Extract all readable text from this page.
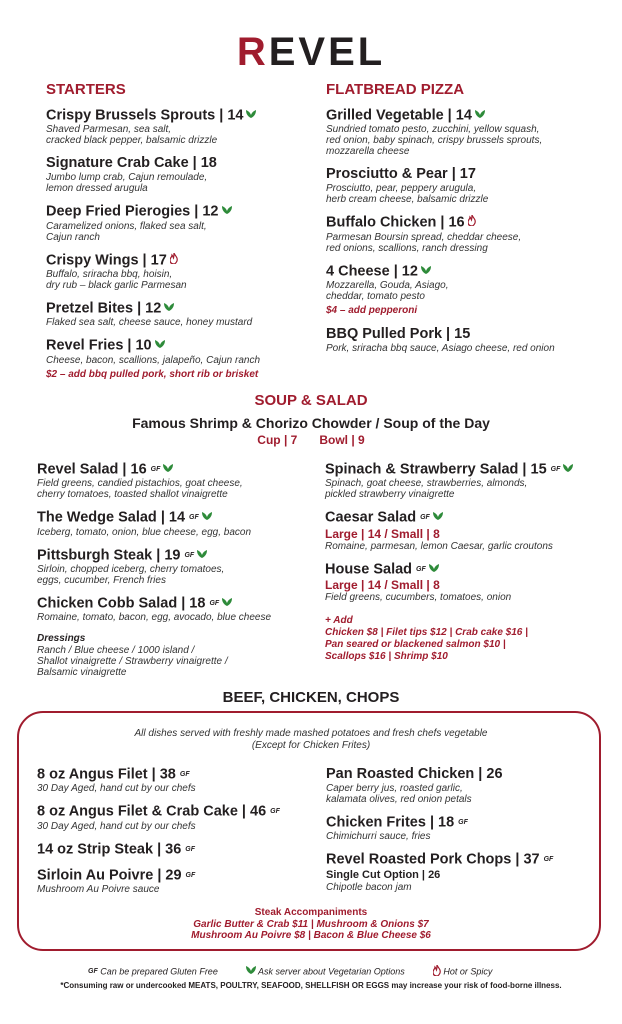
REVEL
STARTERS
Crispy Brussels Sprouts | 14
Shaved Parmesan, sea salt,
cracked black pepper, balsamic drizzle
Signature Crab Cake | 18
Jumbo lump crab, Cajun remoulade,
lemon dressed arugula
Deep Fried Pierogies | 12
Caramelized onions, flaked sea salt,
Cajun ranch
Crispy Wings | 17
Buffalo, sriracha bbq, hoisin,
dry rub – black garlic Parmesan
Pretzel Bites | 12
Flaked sea salt, cheese sauce, honey mustard
Revel Fries | 10
Cheese, bacon, scallions, jalapeño, Cajun ranch
$2 – add bbq pulled pork, short rib or brisket
FLATBREAD PIZZA
Grilled Vegetable | 14
Sundried tomato pesto, zucchini, yellow squash,
red onion, baby spinach, crispy brussels sprouts,
mozzarella cheese
Prosciutto & Pear | 17
Prosciutto, pear, peppery arugula,
herb cream cheese, balsamic drizzle
Buffalo Chicken | 16
Parmesan Boursin spread, cheddar cheese,
red onions, scallions, ranch dressing
4 Cheese | 12
Mozzarella, Gouda, Asiago,
cheddar, tomato pesto
$4 – add pepperoni
BBQ Pulled Pork | 15
Pork, sriracha bbq sauce, Asiago cheese, red onion
SOUP & SALAD
Famous Shrimp & Chorizo Chowder / Soup of the Day
Cup | 7 Bowl | 9
Revel Salad | 16 GF
Field greens, candied pistachios, goat cheese,
cherry tomatoes, toasted shallot vinaigrette
The Wedge Salad | 14 GF
Iceberg, tomato, onion, blue cheese, egg, bacon
Pittsburgh Steak | 19 GF
Sirloin, chopped iceberg, cherry tomatoes,
eggs, cucumber, French fries
Chicken Cobb Salad | 18 GF
Romaine, tomato, bacon, egg, avocado, blue cheese
Dressings
Ranch / Blue cheese / 1000 island /
Shallot vinaigrette / Strawberry vinaigrette /
Balsamic vinaigrette
Spinach & Strawberry Salad | 15 GF
Spinach, goat cheese, strawberries, almonds,
pickled strawberry vinaigrette
Caesar Salad GF
Large | 14 / Small | 8
Romaine, parmesan, lemon Caesar, garlic croutons
House Salad GF
Large | 14 / Small | 8
Field greens, cucumbers, tomatoes, onion
+ Add
Chicken $8 | Filet tips $12 | Crab cake $16 |
Pan seared or blackened salmon $10 |
Scallops $16 | Shrimp $10
BEEF, CHICKEN, CHOPS
All dishes served with freshly made mashed potatoes and fresh chefs vegetable
(Except for Chicken Frites)
8 oz Angus Filet | 38 GF
30 Day Aged, hand cut by our chefs
8 oz Angus Filet & Crab Cake | 46 GF
30 Day Aged, hand cut by our chefs
14 oz Strip Steak | 36 GF
Sirloin Au Poivre | 29 GF
Mushroom Au Poivre sauce
Pan Roasted Chicken | 26
Caper berry jus, roasted garlic,
kalamata olives, red onion petals
Chicken Frites | 18 GF
Chimichurri sauce, fries
Revel Roasted Pork Chops | 37 GF
Single Cut Option | 26
Chipotle bacon jam
Steak Accompaniments
Garlic Butter & Crab $11 | Mushroom & Onions $7
Mushroom Au Poivre $8 | Bacon & Blue Cheese $6
GF Can be prepared Gluten Free	Ask server about Vegetarian Options	Hot or Spicy
*Consuming raw or undercooked MEATS, POULTRY, SEAFOOD, SHELLFISH OR EGGS may increase your risk of food-borne illness.
